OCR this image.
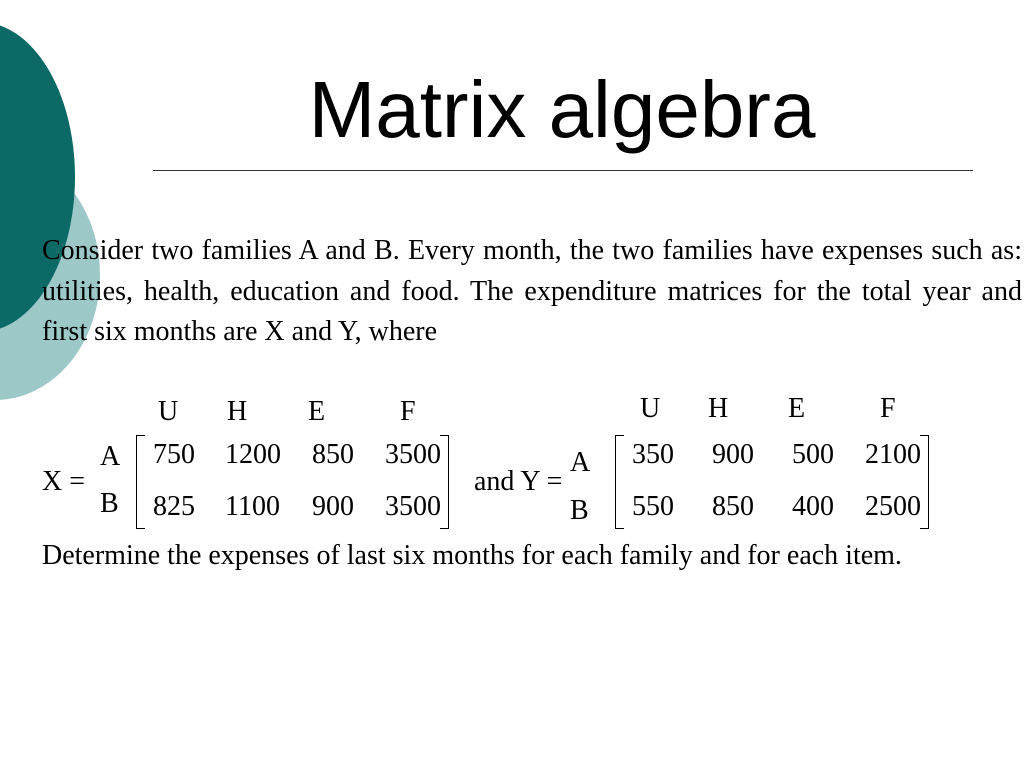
Matrix algebra

Consider two families A and B. Every month, the two families have expenses such as: utilities, health, education and food. The expenditure matrices for the total year and first six months are X and Y, where

U H E	F
X =
A
B
750 1200 850 3500
825 1100 900 3500
U H E	F
and Y =
A
B
350 900 500 2100
550 850 400 2500

Determine the expenses of last six months for each family and for each item.
